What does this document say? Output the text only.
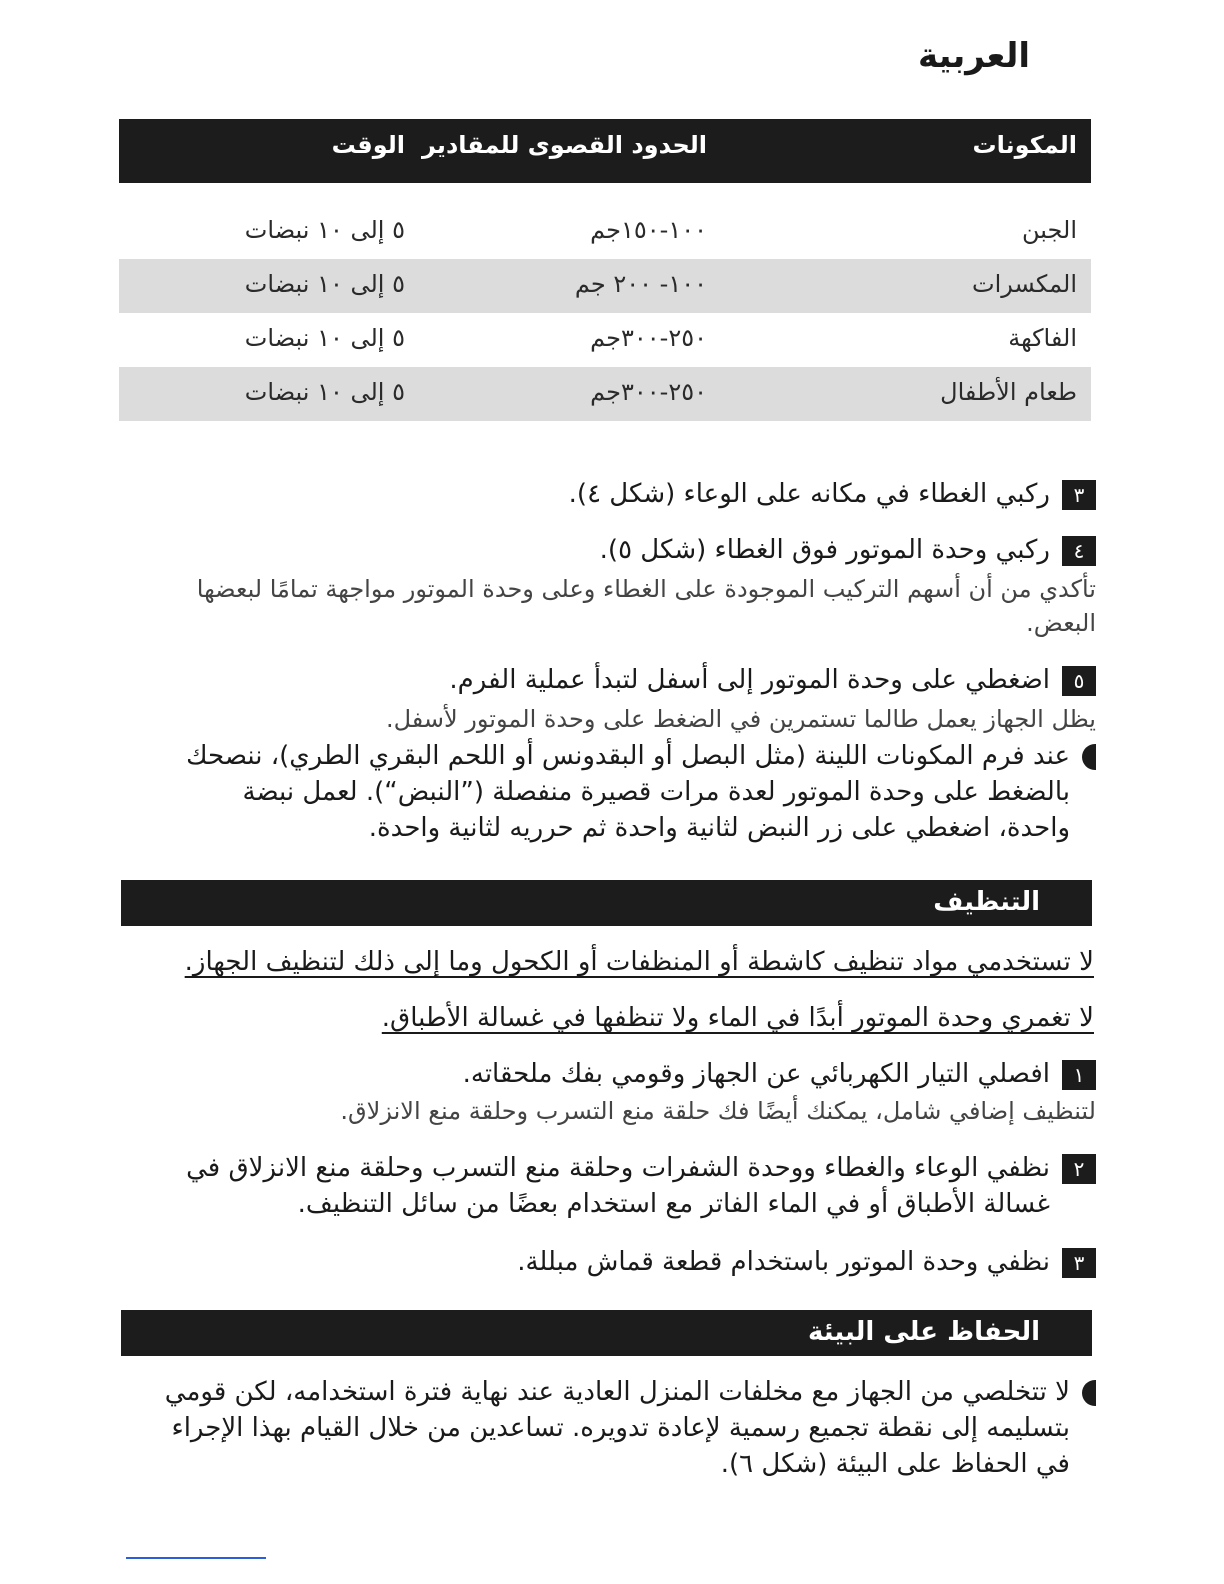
العربية
المكونات
الحدود القصوى للمقادير
الوقت
الجبن
١٠٠-١٥٠جم
٥ إلى ١٠ نبضات
المكسرات
١٠٠- ٢٠٠ جم
٥ إلى ١٠ نبضات
الفاكهة
٢٥٠-٣٠٠جم
٥ إلى ١٠ نبضات
طعام الأطفال
٢٥٠-٣٠٠جم
٥ إلى ١٠ نبضات
٣
ركبي الغطاء في مكانه على الوعاء (شكل ٤).
٤
ركبي وحدة الموتور فوق الغطاء (شكل ٥).
تأكدي من أن أسهم التركيب الموجودة على الغطاء وعلى وحدة الموتور مواجهة تمامًا لبعضها البعض.
٥
اضغطي على وحدة الموتور إلى أسفل لتبدأ عملية الفرم.
يظل الجهاز يعمل طالما تستمرين في الضغط على وحدة الموتور لأسفل.
عند فرم المكونات اللينة (مثل البصل أو البقدونس أو اللحم البقري الطري)، ننصحك بالضغط على وحدة الموتور لعدة مرات قصيرة منفصلة (”النبض“). لعمل نبضة واحدة، اضغطي على زر النبض لثانية واحدة ثم حرريه لثانية واحدة.
التنظيف
لا تستخدمي مواد تنظيف كاشطة أو المنظفات أو الكحول وما إلى ذلك لتنظيف الجهاز.
لا تغمري وحدة الموتور أبدًا في الماء ولا تنظفها في غسالة الأطباق.
١
افصلي التيار الكهربائي عن الجهاز وقومي بفك ملحقاته.
لتنظيف إضافي شامل، يمكنك أيضًا فك حلقة منع التسرب وحلقة منع الانزلاق.
٢
نظفي الوعاء والغطاء ووحدة الشفرات وحلقة منع التسرب وحلقة منع الانزلاق في غسالة الأطباق أو في الماء الفاتر مع استخدام بعضًا من سائل التنظيف.
٣
نظفي وحدة الموتور باستخدام قطعة قماش مبللة.
الحفاظ على البيئة
لا تتخلصي من الجهاز مع مخلفات المنزل العادية عند نهاية فترة استخدامه، لكن قومي بتسليمه إلى نقطة تجميع رسمية لإعادة تدويره. تساعدين من خلال القيام بهذا الإجراء في الحفاظ على البيئة (شكل ٦).
